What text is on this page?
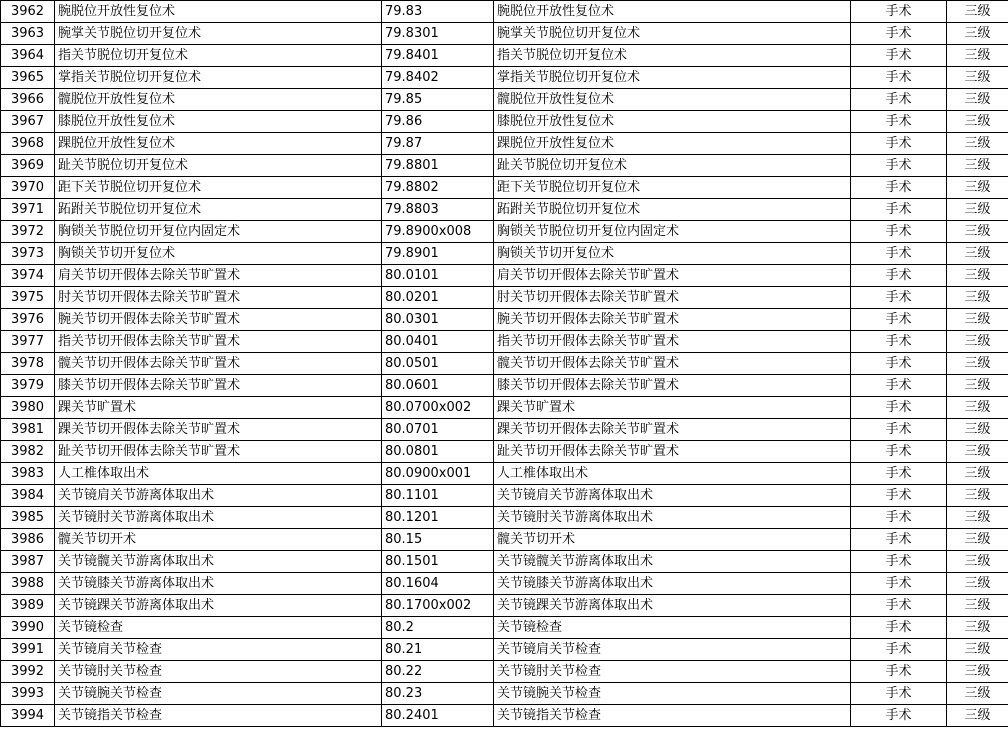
3962	腕脱位开放性复位术	79.83	腕脱位开放性复位术	手术	三级
3963	腕掌关节脱位切开复位术	79.8301	腕掌关节脱位切开复位术	手术	三级
3964	指关节脱位切开复位术	79.8401	指关节脱位切开复位术	手术	三级
3965	掌指关节脱位切开复位术	79.8402	掌指关节脱位切开复位术	手术	三级
3966	髋脱位开放性复位术	79.85	髋脱位开放性复位术	手术	三级
3967	膝脱位开放性复位术	79.86	膝脱位开放性复位术	手术	三级
3968	踝脱位开放性复位术	79.87	踝脱位开放性复位术	手术	三级
3969	趾关节脱位切开复位术	79.8801	趾关节脱位切开复位术	手术	三级
3970	距下关节脱位切开复位术	79.8802	距下关节脱位切开复位术	手术	三级
3971	跖跗关节脱位切开复位术	79.8803	跖跗关节脱位切开复位术	手术	三级
3972	胸锁关节脱位切开复位内固定术	79.8900x008	胸锁关节脱位切开复位内固定术	手术	三级
3973	胸锁关节切开复位术	79.8901	胸锁关节切开复位术	手术	三级
3974	肩关节切开假体去除关节旷置术	80.0101	肩关节切开假体去除关节旷置术	手术	三级
3975	肘关节切开假体去除关节旷置术	80.0201	肘关节切开假体去除关节旷置术	手术	三级
3976	腕关节切开假体去除关节旷置术	80.0301	腕关节切开假体去除关节旷置术	手术	三级
3977	指关节切开假体去除关节旷置术	80.0401	指关节切开假体去除关节旷置术	手术	三级
3978	髋关节切开假体去除关节旷置术	80.0501	髋关节切开假体去除关节旷置术	手术	三级
3979	膝关节切开假体去除关节旷置术	80.0601	膝关节切开假体去除关节旷置术	手术	三级
3980	踝关节旷置术	80.0700x002	踝关节旷置术	手术	三级
3981	踝关节切开假体去除关节旷置术	80.0701	踝关节切开假体去除关节旷置术	手术	三级
3982	趾关节切开假体去除关节旷置术	80.0801	趾关节切开假体去除关节旷置术	手术	三级
3983	人工椎体取出术	80.0900x001	人工椎体取出术	手术	三级
3984	关节镜肩关节游离体取出术	80.1101	关节镜肩关节游离体取出术	手术	三级
3985	关节镜肘关节游离体取出术	80.1201	关节镜肘关节游离体取出术	手术	三级
3986	髋关节切开术	80.15	髋关节切开术	手术	三级
3987	关节镜髋关节游离体取出术	80.1501	关节镜髋关节游离体取出术	手术	三级
3988	关节镜膝关节游离体取出术	80.1604	关节镜膝关节游离体取出术	手术	三级
3989	关节镜踝关节游离体取出术	80.1700x002	关节镜踝关节游离体取出术	手术	三级
3990	关节镜检查	80.2	关节镜检查	手术	三级
3991	关节镜肩关节检查	80.21	关节镜肩关节检查	手术	三级
3992	关节镜肘关节检查	80.22	关节镜肘关节检查	手术	三级
3993	关节镜腕关节检查	80.23	关节镜腕关节检查	手术	三级
3994	关节镜指关节检查	80.2401	关节镜指关节检查	手术	三级
